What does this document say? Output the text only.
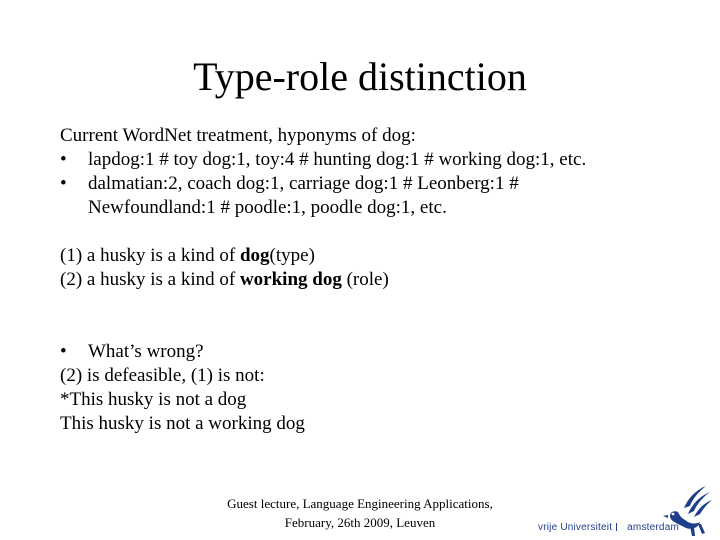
Type-role distinction
Current WordNet treatment, hyponyms of dog:
•	lapdog:1 # toy dog:1, toy:4 # hunting dog:1 # working dog:1, etc.
•	dalmatian:2, coach dog:1, carriage dog:1 # Leonberg:1 #
Newfoundland:1 # poodle:1, poodle dog:1, etc.
(1) a husky is a kind of dog(type)
(2) a husky is a kind of working dog (role)
•	What’s wrong?
(2) is defeasible, (1) is not:
*This husky is not a dog
This husky is not a working dog
Guest lecture, Language Engineering Applications,
February, 26th 2009, Leuven	vrije Universiteit amsterdam
